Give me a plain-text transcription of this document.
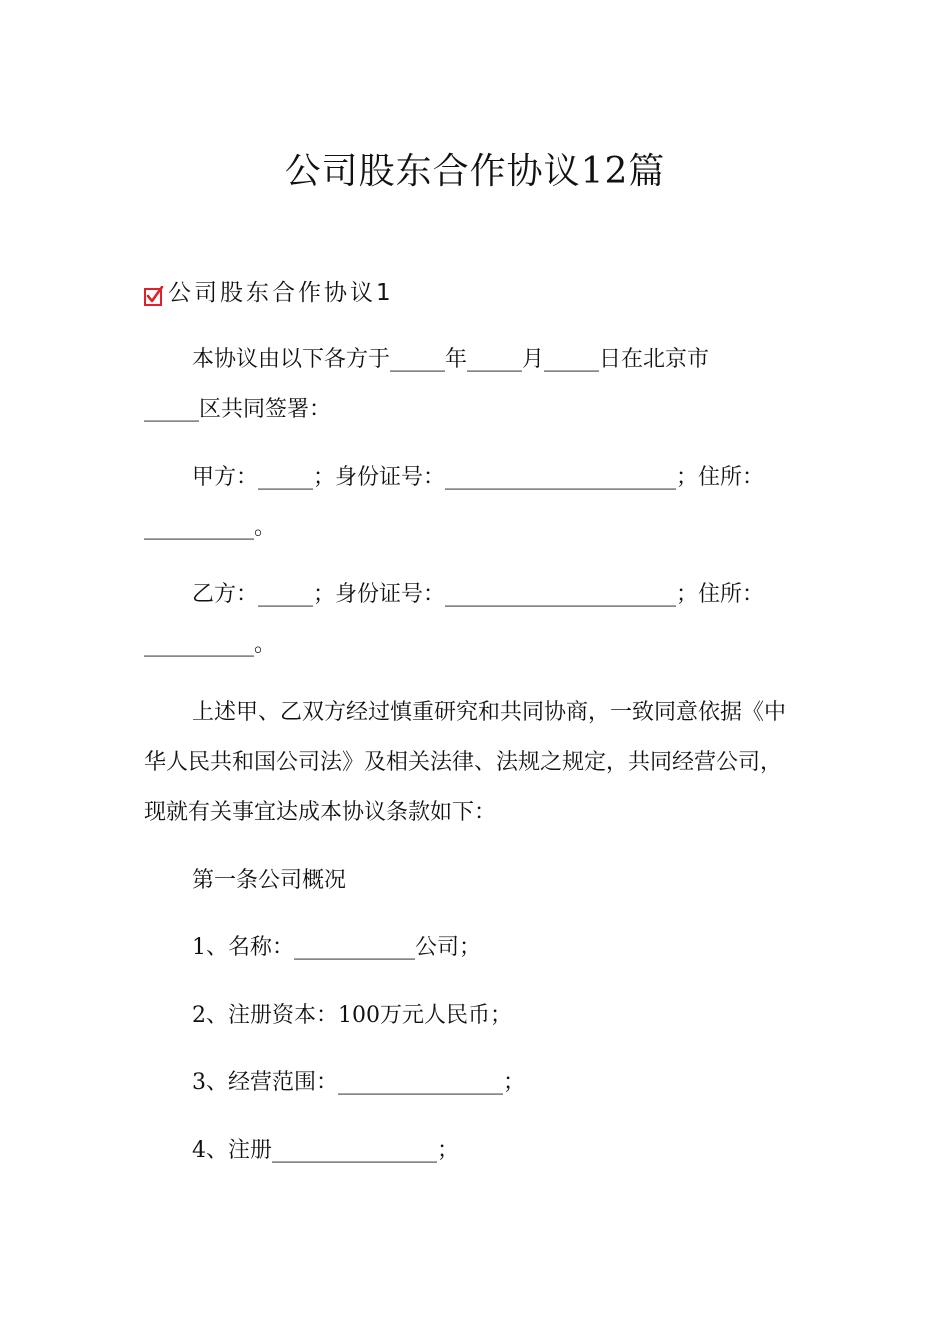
公司股东合作协议12篇
公司股东合作协议1
本协议由以下各方于_____年_____月_____日在北京市
_____区共同签署：
甲方：_____；身份证号：_____________________；住所：
__________。
乙方：_____；身份证号：_____________________；住所：
__________。
上述甲、乙双方经过慎重研究和共同协商，一致同意依据《中
华人民共和国公司法》及相关法律、法规之规定，共同经营公司，
现就有关事宜达成本协议条款如下：
第一条公司概况
1、名称：___________公司；
2、注册资本：100万元人民币；
3、经营范围：_______________；
4、注册_______________；
